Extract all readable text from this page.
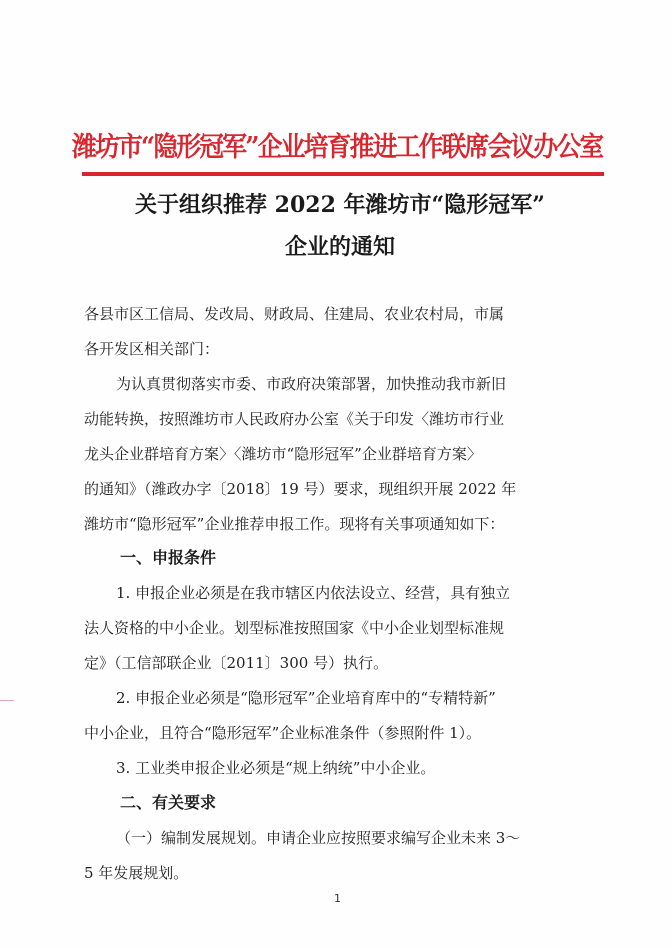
潍坊市“隐形冠军”企业培育推进工作联席会议办公室
关于组织推荐 2022 年潍坊市“隐形冠军”
企业的通知
各县市区工信局、发改局、财政局、住建局、农业农村局，市属
各开发区相关部门：
为认真贯彻落实市委、市政府决策部署，加快推动我市新旧
动能转换，按照潍坊市人民政府办公室《关于印发〈潍坊市行业
龙头企业群培育方案〉〈潍坊市“隐形冠军”企业群培育方案〉
的通知》（潍政办字〔2018〕19 号）要求，现组织开展 2022 年
潍坊市“隐形冠军”企业推荐申报工作。现将有关事项通知如下：
一、申报条件
1. 申报企业必须是在我市辖区内依法设立、经营，具有独立
法人资格的中小企业。划型标准按照国家《中小企业划型标准规
定》（工信部联企业〔2011〕300 号）执行。
2. 申报企业必须是“隐形冠军”企业培育库中的“专精特新”
中小企业，且符合“隐形冠军”企业标准条件（参照附件 1）。
3. 工业类申报企业必须是“规上纳统”中小企业。
二、有关要求
（一）编制发展规划。申请企业应按照要求编写企业未来 3～
5 年发展规划。
1
